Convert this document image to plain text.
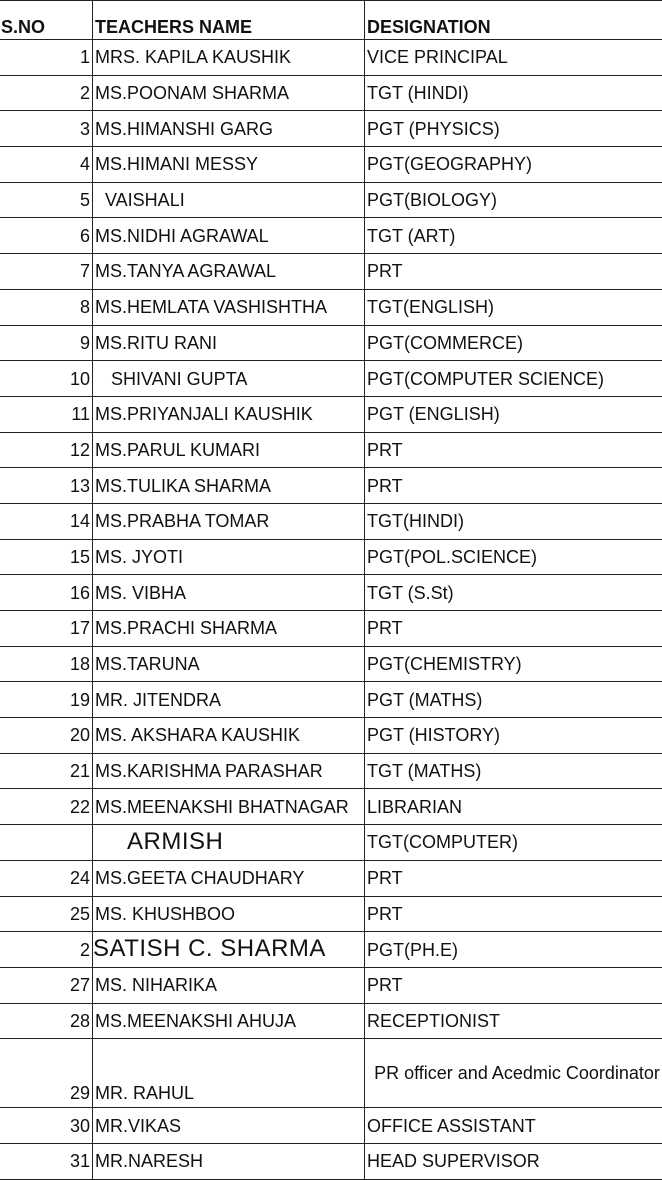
S.NO	TEACHERS NAME	DESIGNATION
1	MRS. KAPILA KAUSHIK	VICE PRINCIPAL
2	MS.POONAM SHARMA	TGT (HINDI)
3	MS.HIMANSHI GARG	PGT (PHYSICS)
4	MS.HIMANI MESSY	PGT(GEOGRAPHY)
5	VAISHALI	PGT(BIOLOGY)
6	MS.NIDHI AGRAWAL	TGT (ART)
7	MS.TANYA AGRAWAL	PRT
8	MS.HEMLATA VASHISHTHA	TGT(ENGLISH)
9	MS.RITU RANI	PGT(COMMERCE)
10	SHIVANI GUPTA	PGT(COMPUTER SCIENCE)
11	MS.PRIYANJALI KAUSHIK	PGT (ENGLISH)
12	MS.PARUL KUMARI	PRT
13	MS.TULIKA SHARMA	PRT
14	MS.PRABHA TOMAR	TGT(HINDI)
15	MS. JYOTI	PGT(POL.SCIENCE)
16	MS. VIBHA	TGT (S.St)
17	MS.PRACHI SHARMA	PRT
18	MS.TARUNA	PGT(CHEMISTRY)
19	MR. JITENDRA	PGT (MATHS)
20	MS. AKSHARA KAUSHIK	PGT (HISTORY)
21	MS.KARISHMA PARASHAR	TGT (MATHS)
22	MS.MEENAKSHI BHATNAGAR	LIBRARIAN
	ARMISH	TGT(COMPUTER)
24	MS.GEETA CHAUDHARY	PRT
25	MS. KHUSHBOO	PRT
2	SATISH C. SHARMA	PGT(PH.E)
27	MS. NIHARIKA	PRT
28	MS.MEENAKSHI AHUJA	RECEPTIONIST
29	MR. RAHUL	PR officer and Acedmic Coordinator
30	MR.VIKAS	OFFICE ASSISTANT
31	MR.NARESH	HEAD SUPERVISOR
